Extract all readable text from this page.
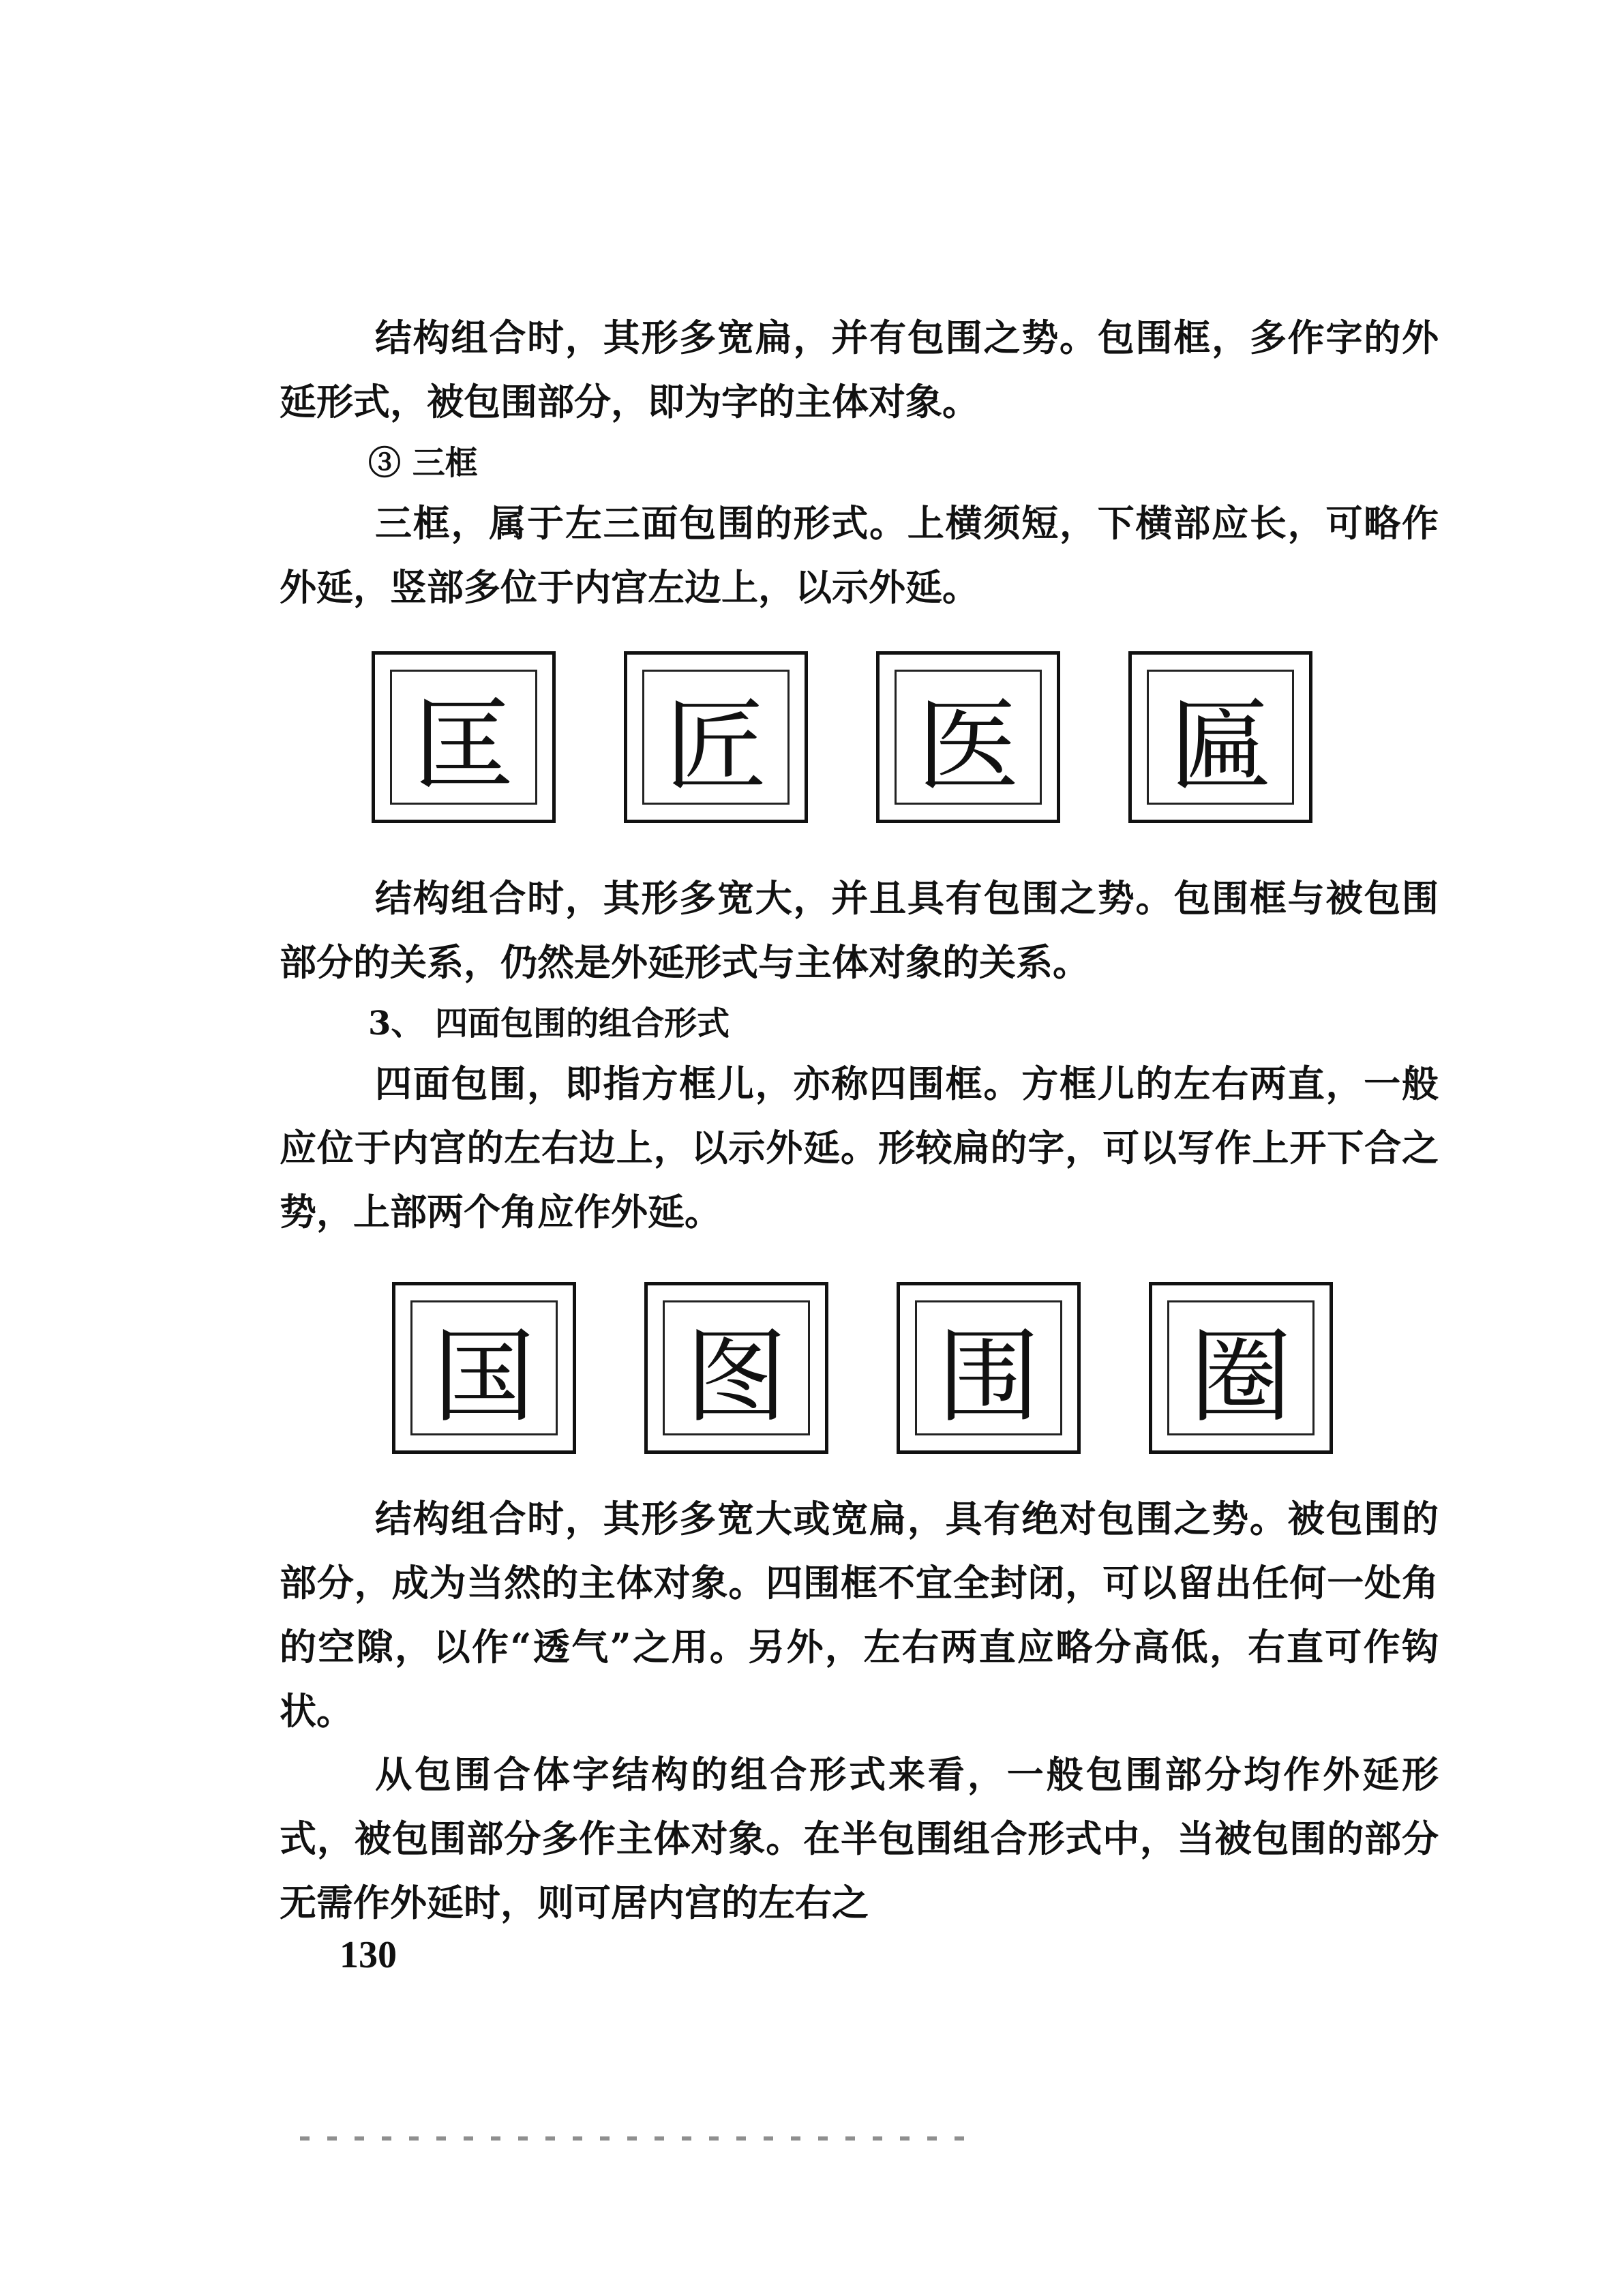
结构组合时，其形多宽扁，并有包围之势。包围框，多作字的外延形式，被包围部分，即为字的主体对象。

③ 三框

三框，属于左三面包围的形式。上横须短，下横部应长，可略作外延，竖部多位于内宫左边上，以示外延。

匡	匠	医	匾

结构组合时，其形多宽大，并且具有包围之势。包围框与被包围部分的关系，仍然是外延形式与主体对象的关系。

3、 四面包围的组合形式

四面包围，即指方框儿，亦称四围框。方框儿的左右两直，一般应位于内宫的左右边上，以示外延。形较扁的字，可以写作上开下合之势，上部两个角应作外延。

国	图	围	圈

结构组合时，其形多宽大或宽扁，具有绝对包围之势。被包围的部分，成为当然的主体对象。四围框不宜全封闭，可以留出任何一处角的空隙，以作“透气”之用。另外，左右两直应略分高低，右直可作钩状。

从包围合体字结构的组合形式来看，一般包围部分均作外延形式，被包围部分多作主体对象。在半包围组合形式中，当被包围的部分无需作外延时，则可居内宫的左右之

130
